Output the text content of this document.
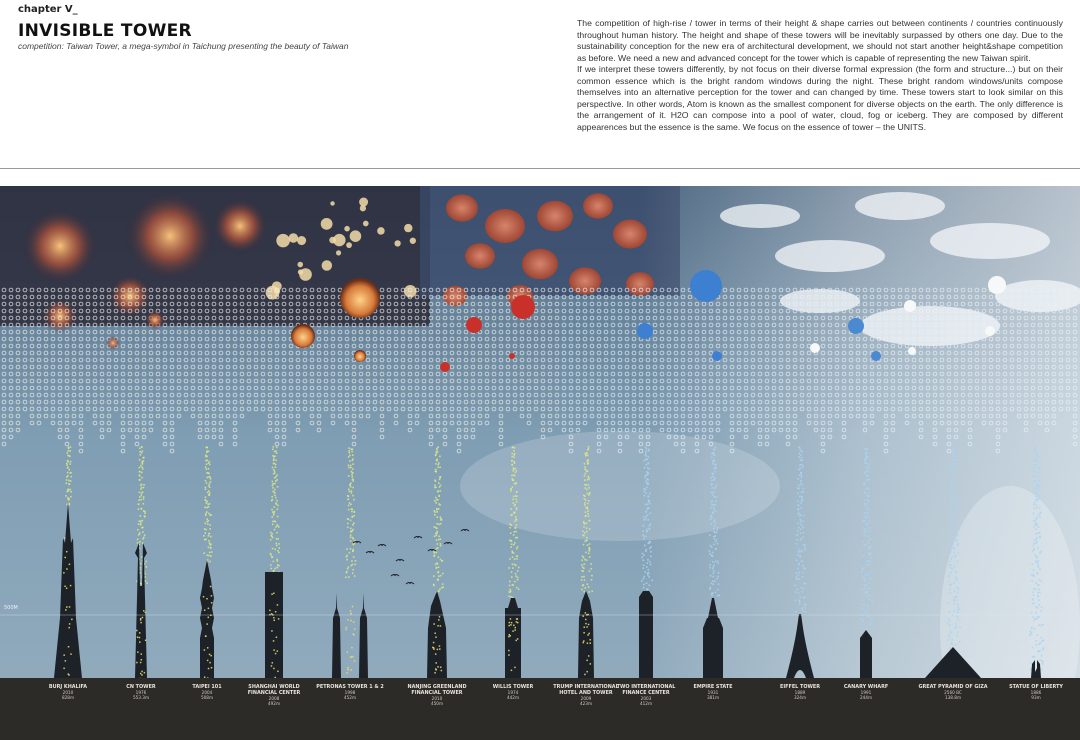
chapter V_
INVISIBLE TOWER
competition: Taiwan Tower, a mega-symbol in Taichung presenting the beauty of Taiwan

The competition of high-rise / tower in terms of their height & shape carries out between continents / countries continuously throughout human history. The height and shape of these towers will be inevitably surpassed by others one day. Due to the sustainability conception for the new era of architectural development, we should not start another height&shape competition as before. We need a new and advanced concept for the tower which is capable of representing the new Taiwan spirit.

If we interpret these towers differently, by not focus on their diverse formal expression (the form and structure...) but on their common essence which is the bright random windows during the night. These bright random windows/units compose themselves into an alternative perception for the tower and can changed by time. These towers start to look similar on this perspective. In other words, Atom is known as the smallest component for diverse objects on the earth. The only difference is the arrangement of it. H2O can compose into a pool of water, cloud, fog or iceberg. They are composed by different appearences but the essence is the same. We focus on the essence of tower – the UNITS.

500M
BURJ KHALIFA
2010
828m
CN TOWER
1976
553.3m
TAIPEI 101
2004
508m
SHANGHAI WORLD FINANCIAL CENTER
2008
492m
PETRONAS TOWER 1 & 2
1998
452m
NANJING GREENLAND FINANCIAL TOWER
2010
450m
WILLIS TOWER
1974
442m
TRUMP INTERNATIONAL HOTEL AND TOWER
2009
423m
TWO INTERNATIONAL FINANCE CENTER
2003
412m
EMPIRE STATE
1931
381m
EIFFEL TOWER
1889
324m
CANARY WHARF
1991
244m
GREAT PYRAMID OF GIZA
2560 BC
138.8m
STATUE OF LIBERTY
1886
93m
